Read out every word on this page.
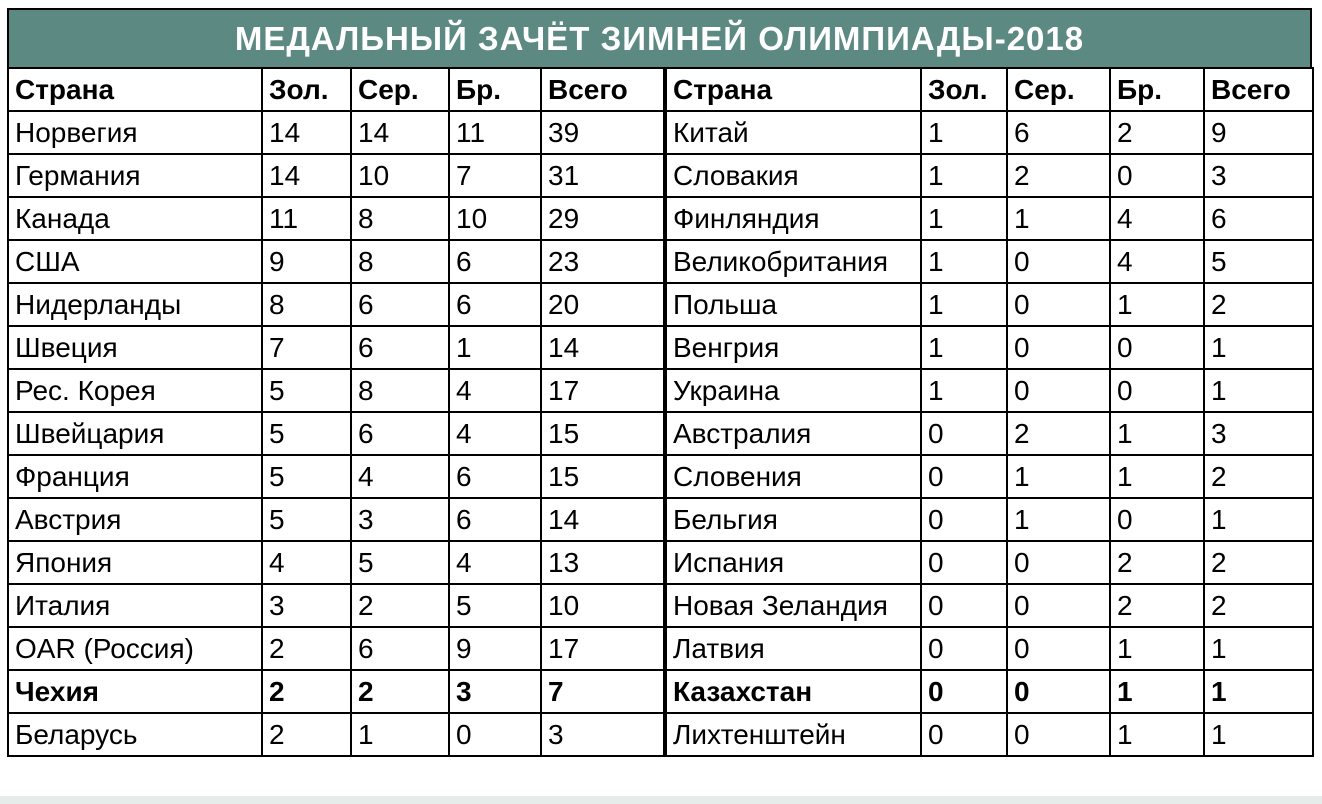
МЕДАЛЬНЫЙ ЗАЧЁТ ЗИМНЕЙ ОЛИМПИАДЫ-2018
Страна	Зол.	Сер.	Бр.	Всего	Страна	Зол.	Сер.	Бр.	Всего
Норвегия	14	14	11	39	Китай	1	6	2	9
Германия	14	10	7	31	Словакия	1	2	0	3
Канада	11	8	10	29	Финляндия	1	1	4	6
США	9	8	6	23	Великобритания	1	0	4	5
Нидерланды	8	6	6	20	Польша	1	0	1	2
Швеция	7	6	1	14	Венгрия	1	0	0	1
Рес. Корея	5	8	4	17	Украина	1	0	0	1
Швейцария	5	6	4	15	Австралия	0	2	1	3
Франция	5	4	6	15	Словения	0	1	1	2
Австрия	5	3	6	14	Бельгия	0	1	0	1
Япония	4	5	4	13	Испания	0	0	2	2
Италия	3	2	5	10	Новая Зеландия	0	0	2	2
OAR (Россия)	2	6	9	17	Латвия	0	0	1	1
Чехия	2	2	3	7	Казахстан	0	0	1	1
Беларусь	2	1	0	3	Лихтенштейн	0	0	1	1
